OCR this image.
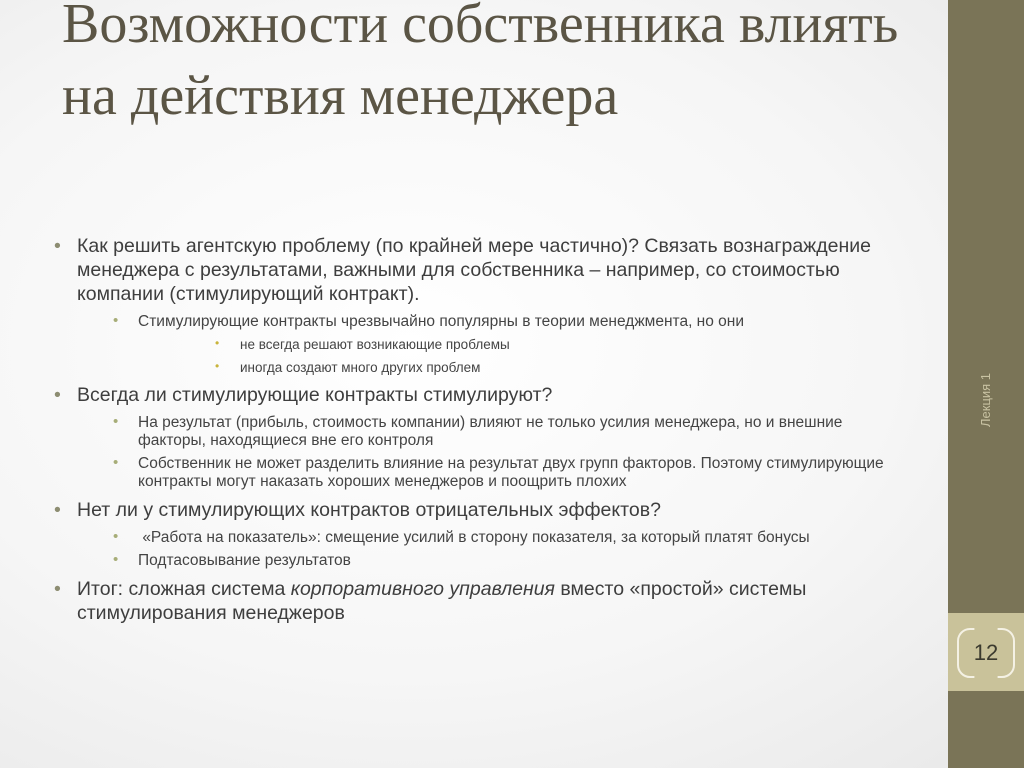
Возможности собственника влиять на действия менеджера
• Как решить агентскую проблему (по крайней мере частично)? Связать вознаграждение менеджера с результатами, важными для собственника – например, со стоимостью компании (стимулирующий контракт).
• Стимулирующие контракты чрезвычайно популярны в теории менеджмента, но они
• не всегда решают возникающие проблемы
• иногда создают много других проблем
• Всегда ли стимулирующие контракты стимулируют?
• На результат (прибыль, стоимость компании) влияют не только усилия менеджера, но и внешние факторы, находящиеся вне его контроля
• Собственник не может разделить влияние на результат двух групп факторов. Поэтому стимулирующие контракты могут наказать хороших менеджеров и поощрить плохих
• Нет ли у стимулирующих контрактов отрицательных эффектов?
•  «Работа на показатель»: смещение усилий в сторону показателя, за который платят бонусы
• Подтасовывание результатов
• Итог: сложная система корпоративного управления вместо «простой» системы стимулирования менеджеров
Лекция 1
12
